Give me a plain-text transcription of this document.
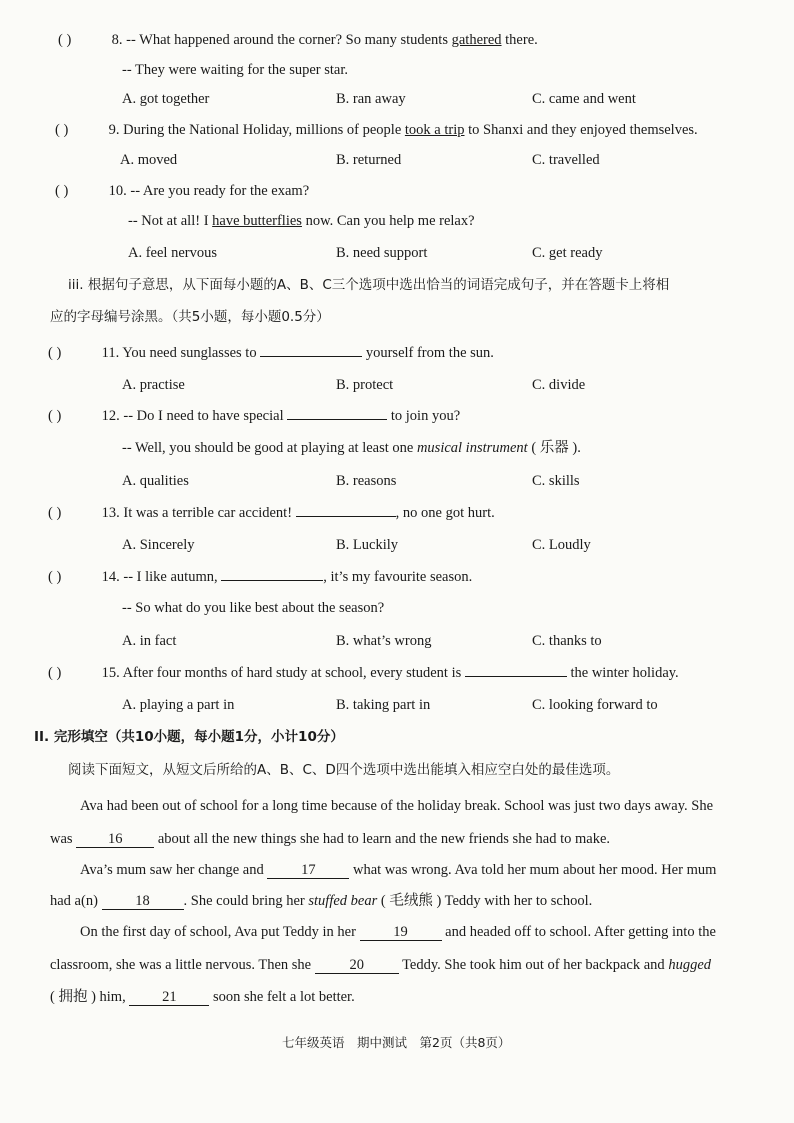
( )	8. -- What happened around the corner? So many students gathered there.
-- They were waiting for the super star.
A. got together	B. ran away	C. came and went
( )	9. During the National Holiday, millions of people took a trip to Shanxi and they enjoyed themselves.
A. moved	B. returned	C. travelled
( )	10. -- Are you ready for the exam?
-- Not at all! I have butterflies now. Can you help me relax?
A. feel nervous	B. need support	C. get ready
iii. 根据句子意思，从下面每小题的A、B、C三个选项中选出恰当的词语完成句子，并在答题卡上将相
应的字母编号涂黑。（共5小题，每小题0.5分）
( )	11. You need sunglasses to	yourself from the sun.
A. practise	B. protect	C. divide
( )	12. -- Do I need to have special	to join you?
-- Well, you should be good at playing at least one musical instrument ( 乐器 ).
A. qualities	B. reasons	C. skills
( )	13. It was a terrible car accident!	, no one got hurt.
A. Sincerely	B. Luckily	C. Loudly
( )	14. -- I like autumn,	, it’s my favourite season.
-- So what do you like best about the season?
A. in fact	B. what’s wrong	C. thanks to
( )	15. After four months of hard study at school, every student is	the winter holiday.
A. playing a part in	B. taking part in	C. looking forward to
II. 完形填空（共10小题，每小题1分，小计10分）
阅读下面短文，从短文后所给的A、B、C、D四个选项中选出能填入相应空白处的最佳选项。
Ava had been out of school for a long time because of the holiday break. School was just two days away. She
was 16 about all the new things she had to learn and the new friends she had to make.
Ava’s mum saw her change and	17	what was wrong. Ava told her mum about her mood. Her mum
had a(n)	18 . She could bring her stuffed bear ( 毛绒熊 ) Teddy with her to school.
On the first day of school, Ava put Teddy in her	19	and headed off to school. After getting into the
classroom, she was a little nervous. Then she	20	Teddy. She took him out of her backpack and hugged
( 拥抱 ) him,	21	soon she felt a lot better.
七年级英语　期中测试　第2页（共8页）
